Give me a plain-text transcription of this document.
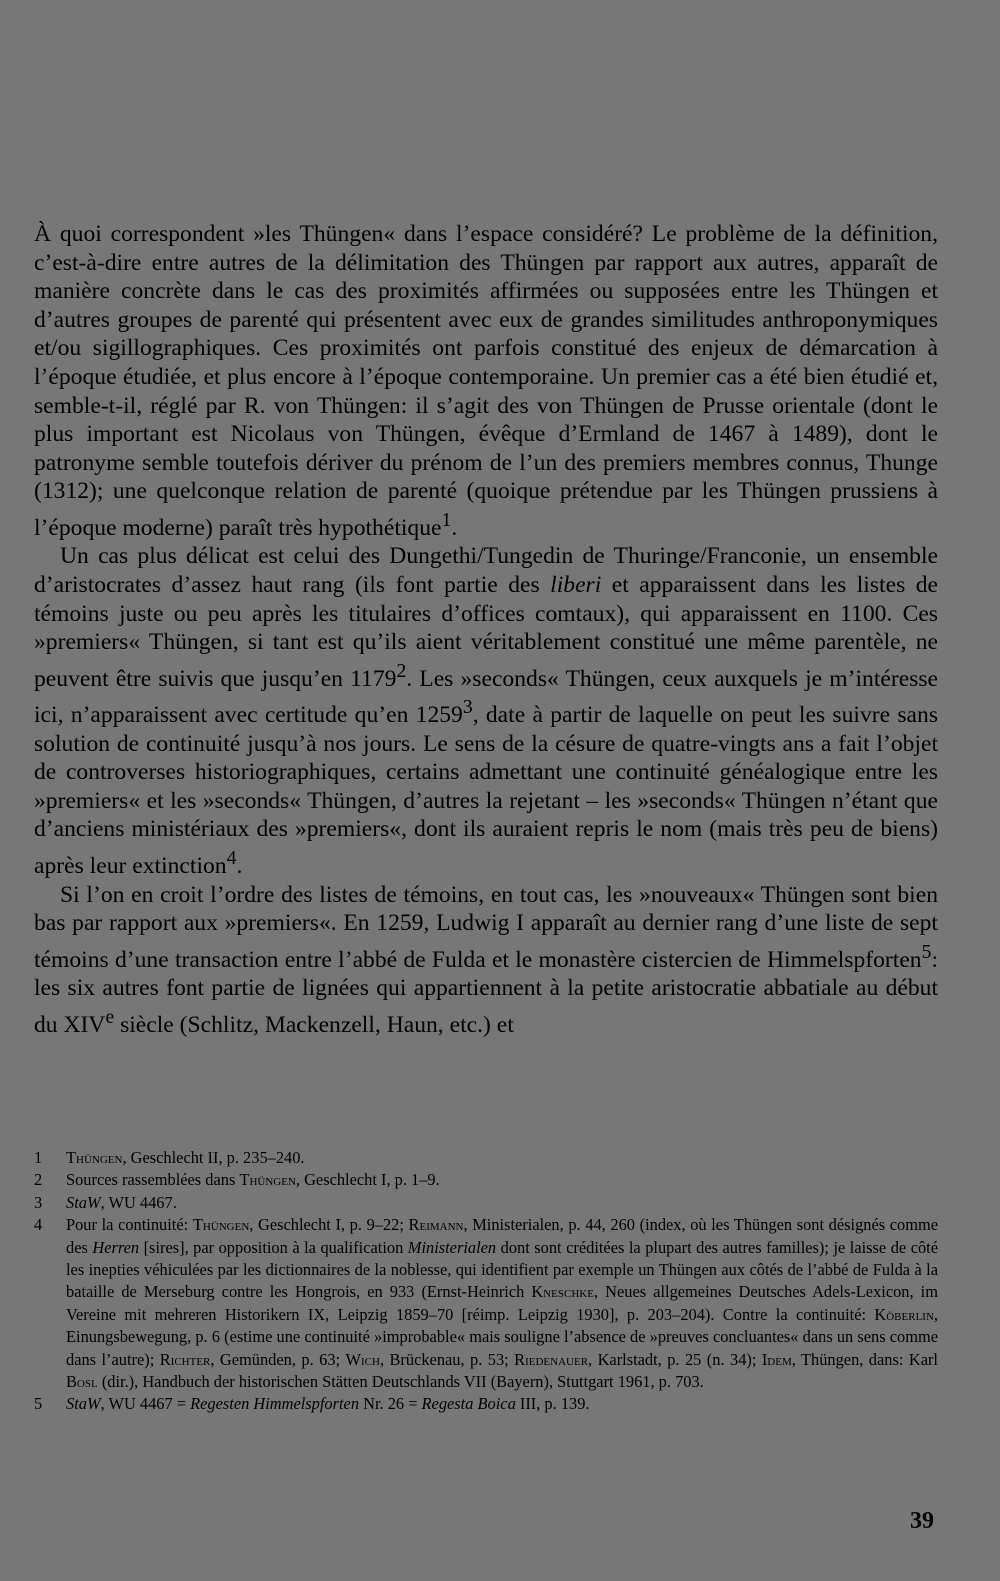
À quoi correspondent »les Thüngen« dans l’espace considéré? Le problème de la définition, c’est-à-dire entre autres de la délimitation des Thüngen par rapport aux autres, apparaît de manière concrète dans le cas des proximités affirmées ou supposées entre les Thüngen et d’autres groupes de parenté qui présentent avec eux de grandes similitudes anthroponymiques et/ou sigillographiques. Ces proximités ont parfois constitué des enjeux de démarcation à l’époque étudiée, et plus encore à l’époque contemporaine. Un premier cas a été bien étudié et, semble-t-il, réglé par R. von Thüngen: il s’agit des von Thüngen de Prusse orientale (dont le plus important est Nicolaus von Thüngen, évêque d’Ermland de 1467 à 1489), dont le patronyme semble toutefois dériver du prénom de l’un des premiers membres connus, Thunge (1312); une quelconque relation de parenté (quoique prétendue par les Thüngen prussiens à l’époque moderne) paraît très hypothétique$^1$.

Un cas plus délicat est celui des Dungethi/Tungedin de Thuringe/Franconie, un ensemble d’aristocrates d’assez haut rang (ils font partie des liberi et apparaissent dans les listes de témoins juste ou peu après les titulaires d’offices comtaux), qui apparaissent en 1100. Ces »premiers« Thüngen, si tant est qu’ils aient véritablement constitué une même parentèle, ne peuvent être suivis que jusqu’en 1179$^2$. Les »seconds« Thüngen, ceux auxquels je m’intéresse ici, n’apparaissent avec certitude qu’en 1259$^3$, date à partir de laquelle on peut les suivre sans solution de continuité jusqu’à nos jours. Le sens de la césure de quatre-vingts ans a fait l’objet de controverses historiographiques, certains admettant une continuité généalogique entre les »premiers« et les »seconds« Thüngen, d’autres la rejetant – les »seconds« Thüngen n’étant que d’anciens ministériaux des »premiers«, dont ils auraient repris le nom (mais très peu de biens) après leur extinction$^4$.

Si l’on en croit l’ordre des listes de témoins, en tout cas, les »nouveaux« Thüngen sont bien bas par rapport aux »premiers«. En 1259, Ludwig I apparaît au dernier rang d’une liste de sept témoins d’une transaction entre l’abbé de Fulda et le monastère cistercien de Himmelspforten$^5$: les six autres font partie de lignées qui appartiennent à la petite aristocratie abbatiale au début du XIVe siècle (Schlitz, Mackenzell, Haun, etc.) et

1	Thüngen, Geschlecht II, p. 235–240.
2	Sources rassemblées dans Thüngen, Geschlecht I, p. 1–9.
3	StaW, WU 4467.
4	Pour la continuité: Thüngen, Geschlecht I, p. 9–22; Reimann, Ministerialen, p. 44, 260 (index, où les Thüngen sont désignés comme des Herren [sires], par opposition à la qualification Ministerialen dont sont créditées la plupart des autres familles); je laisse de côté les inepties véhiculées par les dictionnaires de la noblesse, qui identifient par exemple un Thüngen aux côtés de l’abbé de Fulda à la bataille de Merseburg contre les Hongrois, en 933 (Ernst-Heinrich Kneschke, Neues allgemeines Deutsches Adels-Lexicon, im Vereine mit mehreren Historikern IX, Leipzig 1859–70 [réimp. Leipzig 1930], p. 203–204). Contre la continuité: Köberlin, Einungsbewegung, p. 6 (estime une continuité »improbable« mais souligne l’absence de »preuves concluantes« dans un sens comme dans l’autre); Richter, Gemünden, p. 63; Wich, Brückenau, p. 53; Riedenauer, Karlstadt, p. 25 (n. 34); Idem, Thüngen, dans: Karl Bosl (dir.), Handbuch der historischen Stätten Deutschlands VII (Bayern), Stuttgart 1961, p. 703.
5	StaW, WU 4467 = Regesten Himmelspforten Nr. 26 = Regesta Boica III, p. 139.
39
